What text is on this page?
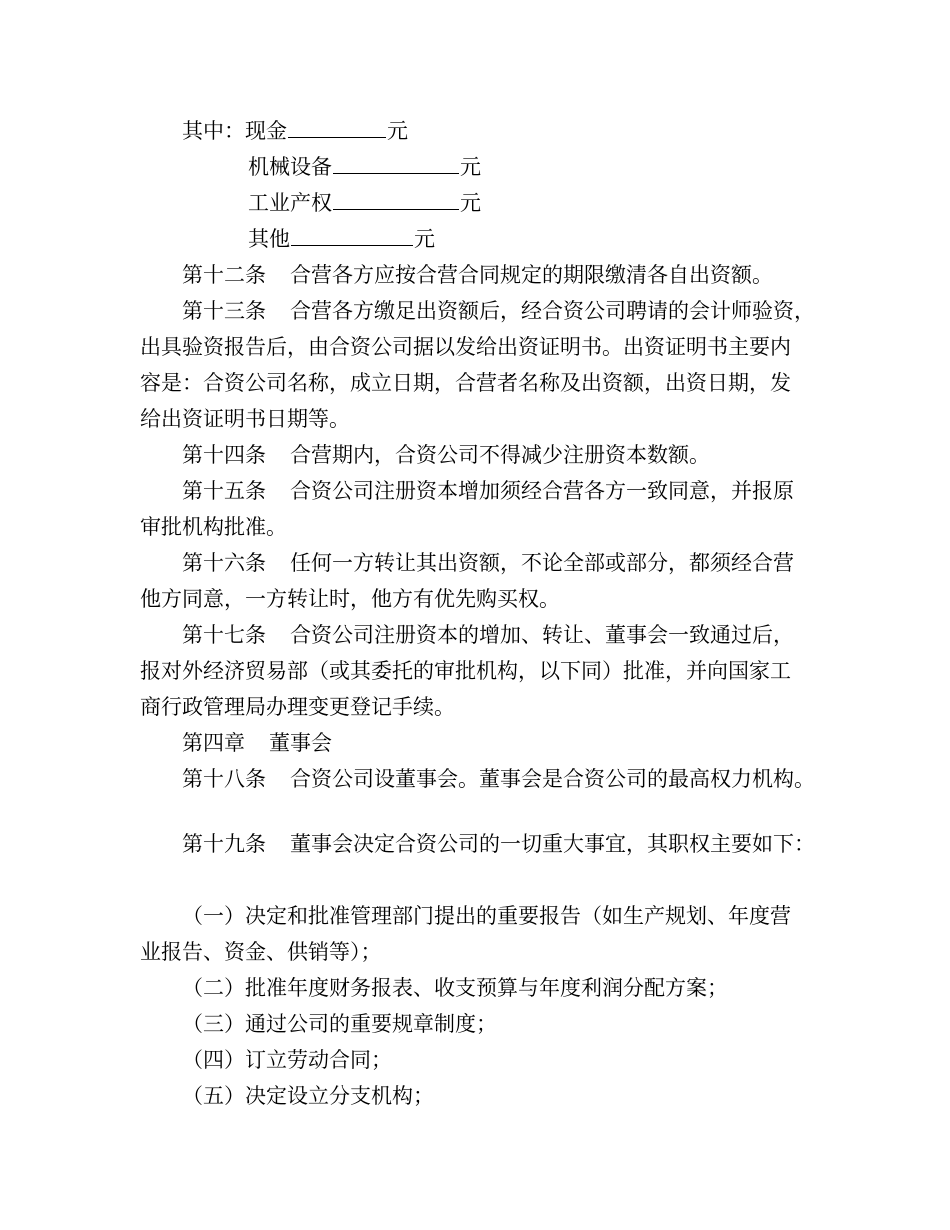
其中：现金	元

机械设备	元

工业产权	元

其他	元

第十二条 合营各方应按合营合同规定的期限缴清各自出资额。

第十三条 合营各方缴足出资额后，经合资公司聘请的会计师验资，

出具验资报告后，由合资公司据以发给出资证明书。出资证明书主要内

容是：合资公司名称，成立日期，合营者名称及出资额，出资日期，发

给出资证明书日期等。

第十四条 合营期内，合资公司不得减少注册资本数额。

第十五条 合资公司注册资本增加须经合营各方一致同意，并报原

审批机构批准。

第十六条 任何一方转让其出资额，不论全部或部分，都须经合营

他方同意，一方转让时，他方有优先购买权。

第十七条 合资公司注册资本的增加、转让、董事会一致通过后，

报对外经济贸易部（或其委托的审批机构，以下同）批准，并向国家工

商行政管理局办理变更登记手续。

第四章 董事会

第十八条 合资公司设董事会。董事会是合资公司的最高权力机构。

第十九条 董事会决定合资公司的一切重大事宜，其职权主要如下：

（一）决定和批准管理部门提出的重要报告（如生产规划、年度营

业报告、资金、供销等）；

（二）批准年度财务报表、收支预算与年度利润分配方案；

（三）通过公司的重要规章制度；

（四）订立劳动合同；

（五）决定设立分支机构；
